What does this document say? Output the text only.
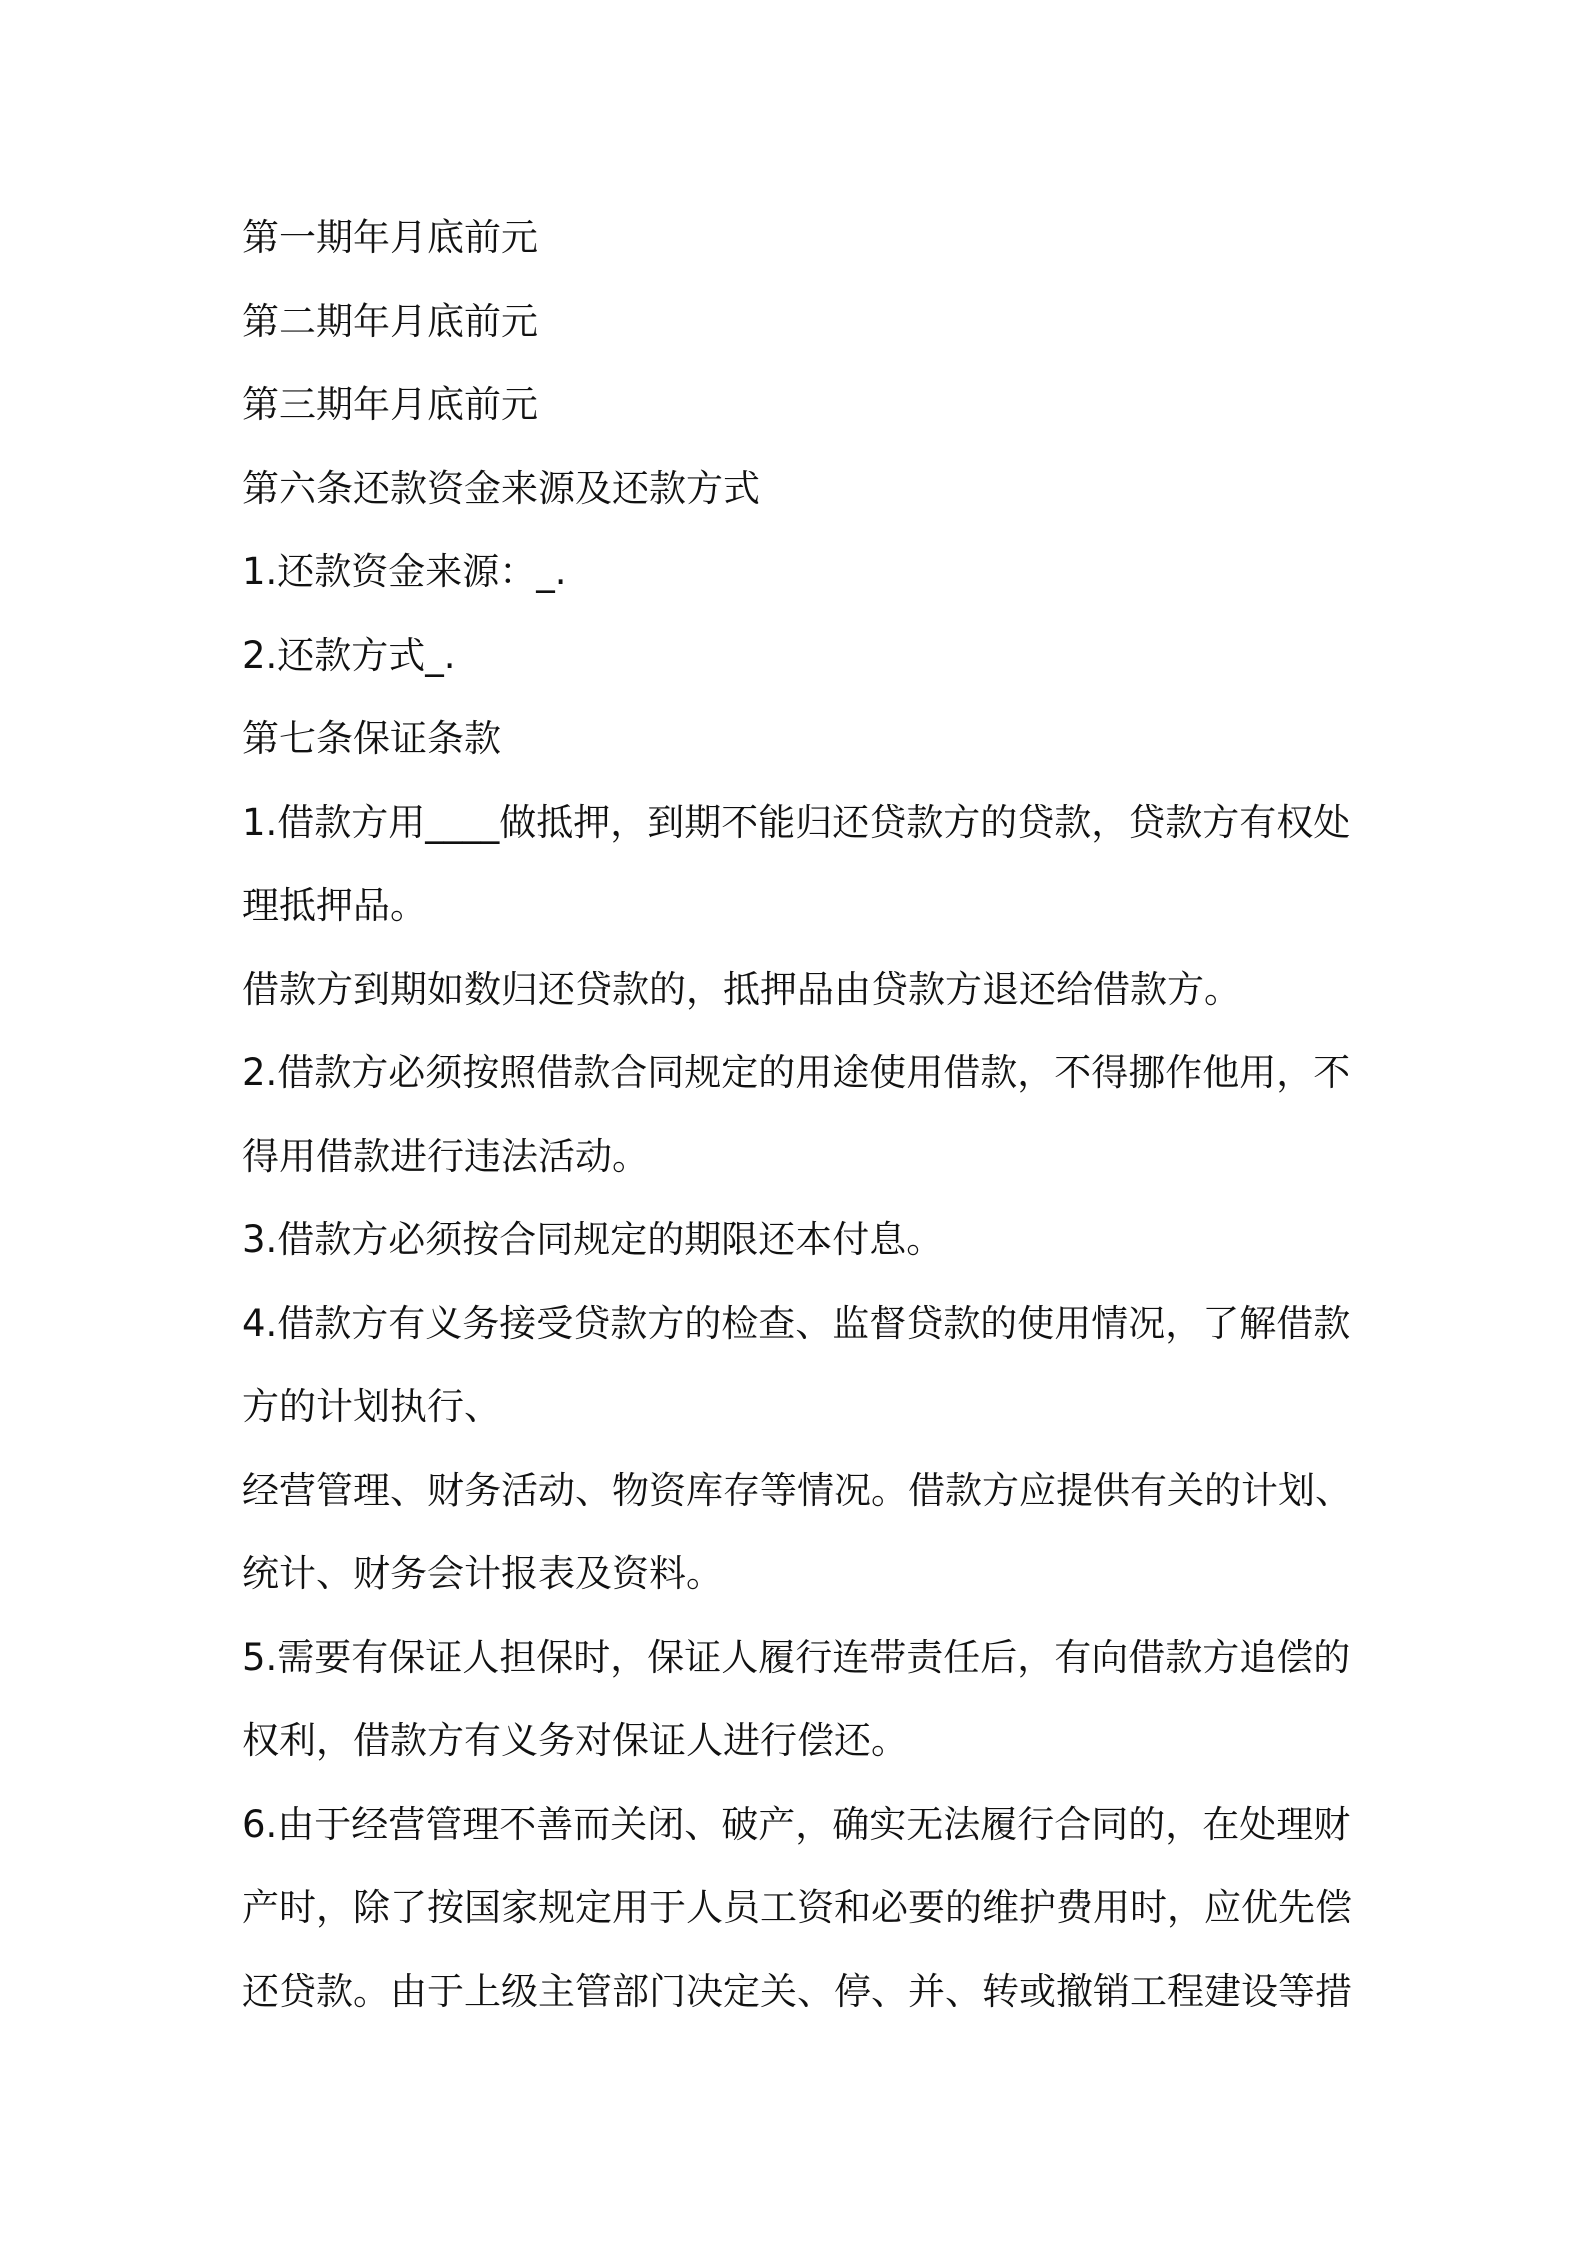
第一期年月底前元
第二期年月底前元
第三期年月底前元
第六条还款资金来源及还款方式
1.还款资金来源：_.
2.还款方式_.
第七条保证条款
1.借款方用____做抵押，到期不能归还贷款方的贷款，贷款方有权处
理抵押品。
借款方到期如数归还贷款的，抵押品由贷款方退还给借款方。
2.借款方必须按照借款合同规定的用途使用借款，不得挪作他用，不
得用借款进行违法活动。
3.借款方必须按合同规定的期限还本付息。
4.借款方有义务接受贷款方的检查、监督贷款的使用情况，了解借款
方的计划执行、
经营管理、财务活动、物资库存等情况。借款方应提供有关的计划、
统计、财务会计报表及资料。
5.需要有保证人担保时，保证人履行连带责任后，有向借款方追偿的
权利，借款方有义务对保证人进行偿还。
6.由于经营管理不善而关闭、破产，确实无法履行合同的，在处理财
产时，除了按国家规定用于人员工资和必要的维护费用时，应优先偿
还贷款。由于上级主管部门决定关、停、并、转或撤销工程建设等措
